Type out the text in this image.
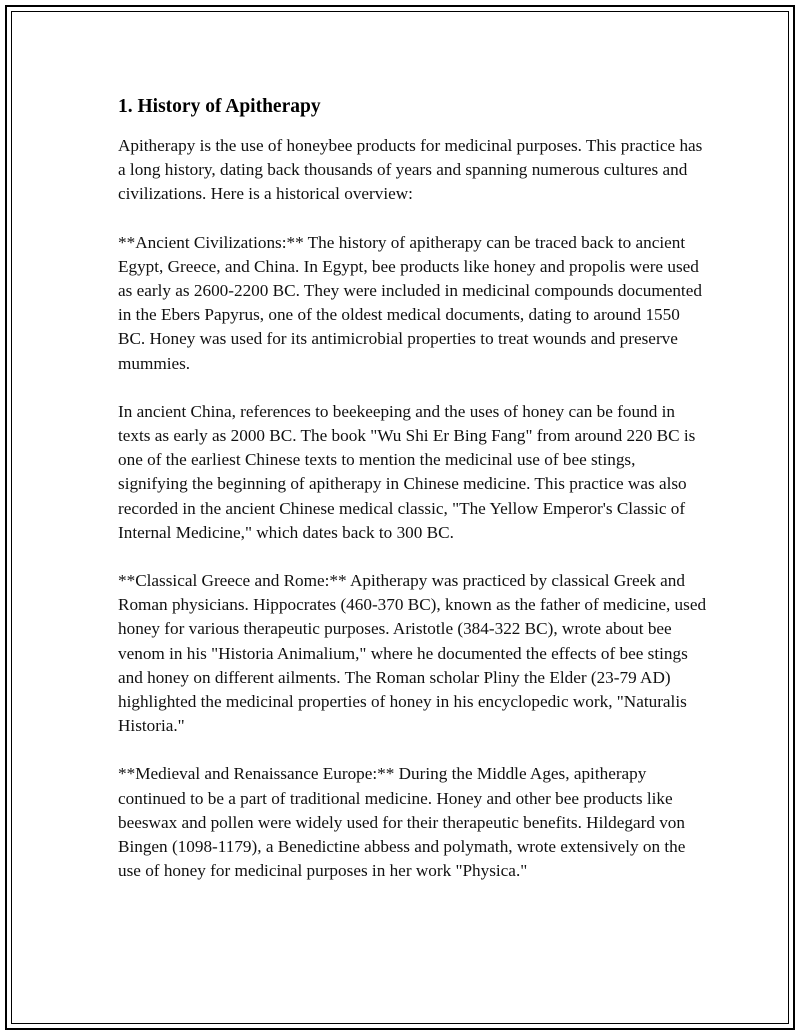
1. History of Apitherapy

Apitherapy is the use of honeybee products for medicinal purposes. This practice has a long history, dating back thousands of years and spanning numerous cultures and civilizations. Here is a historical overview:

**Ancient Civilizations:** The history of apitherapy can be traced back to ancient Egypt, Greece, and China. In Egypt, bee products like honey and propolis were used as early as 2600-2200 BC. They were included in medicinal compounds documented in the Ebers Papyrus, one of the oldest medical documents, dating to around 1550 BC. Honey was used for its antimicrobial properties to treat wounds and preserve mummies.

In ancient China, references to beekeeping and the uses of honey can be found in texts as early as 2000 BC. The book "Wu Shi Er Bing Fang" from around 220 BC is one of the earliest Chinese texts to mention the medicinal use of bee stings, signifying the beginning of apitherapy in Chinese medicine. This practice was also recorded in the ancient Chinese medical classic, "The Yellow Emperor's Classic of Internal Medicine," which dates back to 300 BC.

**Classical Greece and Rome:** Apitherapy was practiced by classical Greek and Roman physicians. Hippocrates (460-370 BC), known as the father of medicine, used honey for various therapeutic purposes. Aristotle (384-322 BC), wrote about bee venom in his "Historia Animalium," where he documented the effects of bee stings and honey on different ailments. The Roman scholar Pliny the Elder (23-79 AD) highlighted the medicinal properties of honey in his encyclopedic work, "Naturalis Historia."

**Medieval and Renaissance Europe:** During the Middle Ages, apitherapy continued to be a part of traditional medicine. Honey and other bee products like beeswax and pollen were widely used for their therapeutic benefits. Hildegard von Bingen (1098-1179), a Benedictine abbess and polymath, wrote extensively on the use of honey for medicinal purposes in her work "Physica."
